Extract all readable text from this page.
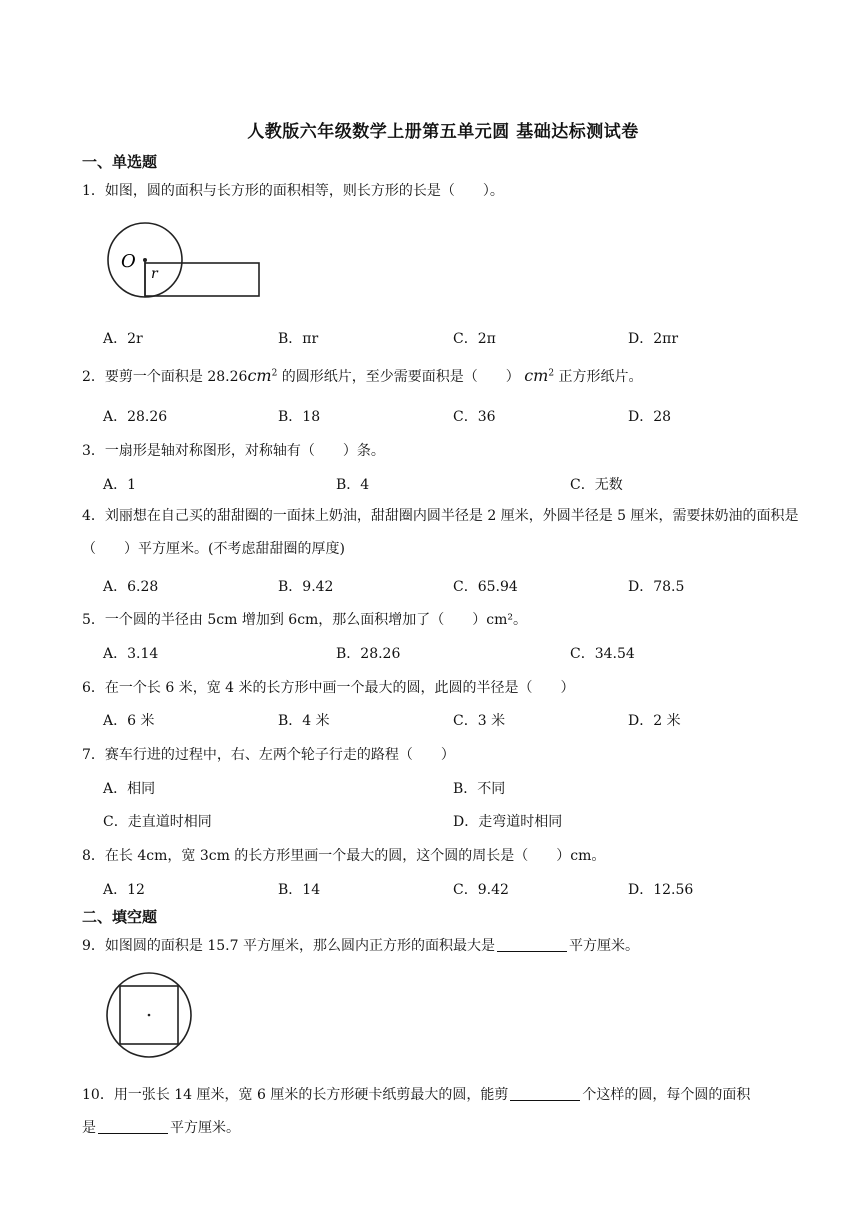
人教版六年级数学上册第五单元圆 基础达标测试卷
一、单选题
1．如图，圆的面积与长方形的面积相等，则长方形的长是（　　）。
O
r
A．2r	B．πr	C．2π	D．2πr
2．要剪一个面积是 $28.26cm^2$ 的圆形纸片，至少需要面积是（　　） $cm^2$ 正方形纸片。
A．28.26	B．18	C．36	D．28
3．一扇形是轴对称图形，对称轴有（　　）条。
A．1	B．4	C．无数
4．刘丽想在自己买的甜甜圈的一面抹上奶油，甜甜圈内圆半径是 2 厘米，外圆半径是 5 厘米，需要抹奶油的面积是（　　）平方厘米。(不考虑甜甜圈的厚度)
A．6.28	B．9.42	C．65.94	D．78.5
5．一个圆的半径由 5cm 增加到 6cm，那么面积增加了（　　）cm²。
A．3.14	B．28.26	C．34.54
6．在一个长 6 米，宽 4 米的长方形中画一个最大的圆，此圆的半径是（　　）
A．6 米	B．4 米	C．3 米	D．2 米
7．赛车行进的过程中，右、左两个轮子行走的路程（　　）
A．相同	B．不同
C．走直道时相同	D．走弯道时相同
8．在长 4cm，宽 3cm 的长方形里画一个最大的圆，这个圆的周长是（　　）cm。
A．12	B．14	C．9.42	D．12.56
二、填空题
9．如图圆的面积是 15.7 平方厘米，那么圆内正方形的面积最大是	平方厘米。
10．用一张长 14 厘米，宽 6 厘米的长方形硬卡纸剪最大的圆，能剪	个这样的圆，每个圆的面积
是	平方厘米。
